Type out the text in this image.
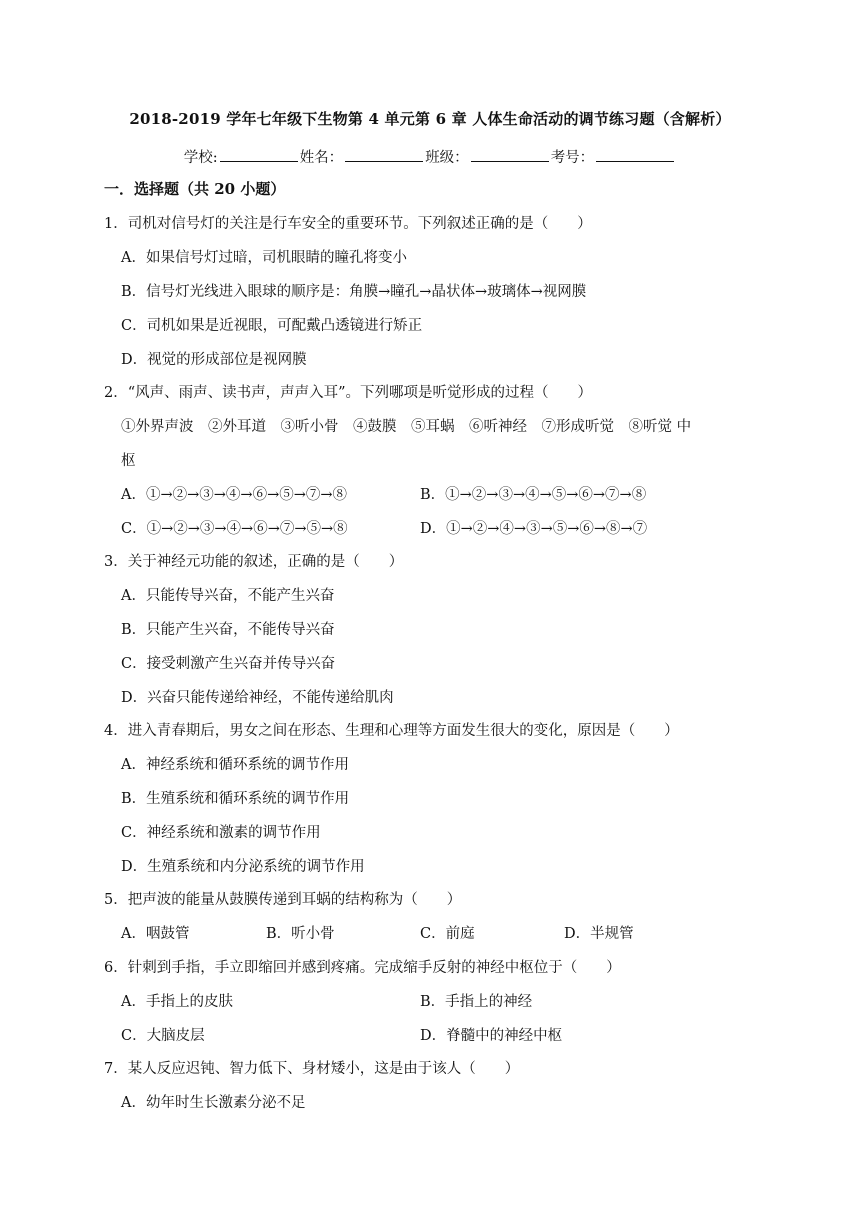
2018-2019 学年七年级下生物第 4 单元第 6 章 人体生命活动的调节练习题（含解析）
学校:	姓名：	班级：	考号：
一．选择题（共 20 小题）
1．司机对信号灯的关注是行车安全的重要环节。下列叙述正确的是（　　）
A．如果信号灯过暗，司机眼睛的瞳孔将变小
B．信号灯光线进入眼球的顺序是：角膜→瞳孔→晶状体→玻璃体→视网膜
C．司机如果是近视眼，可配戴凸透镜进行矫正
D．视觉的形成部位是视网膜
2．“风声、雨声、读书声，声声入耳”。下列哪项是听觉形成的过程（　　）
①外界声波　②外耳道　③听小骨　④鼓膜　⑤耳蜗　⑥听神经　⑦形成听觉　⑧听觉 中
枢
A．①→②→③→④→⑥→⑤→⑦→⑧	B．①→②→③→④→⑤→⑥→⑦→⑧
C．①→②→③→④→⑥→⑦→⑤→⑧	D．①→②→④→③→⑤→⑥→⑧→⑦
3．关于神经元功能的叙述，正确的是（　　）
A．只能传导兴奋，不能产生兴奋
B．只能产生兴奋，不能传导兴奋
C．接受刺激产生兴奋并传导兴奋
D．兴奋只能传递给神经，不能传递给肌肉
4．进入青春期后，男女之间在形态、生理和心理等方面发生很大的变化，原因是（　　）
A．神经系统和循环系统的调节作用
B．生殖系统和循环系统的调节作用
C．神经系统和激素的调节作用
D．生殖系统和内分泌系统的调节作用
5．把声波的能量从鼓膜传递到耳蜗的结构称为（　　）
A．咽鼓管	B．听小骨	C．前庭	D．半规管
6．针刺到手指，手立即缩回并感到疼痛。完成缩手反射的神经中枢位于（　　）
A．手指上的皮肤	B．手指上的神经
C．大脑皮层	D．脊髓中的神经中枢
7．某人反应迟钝、智力低下、身材矮小，这是由于该人（　　）
A．幼年时生长激素分泌不足
